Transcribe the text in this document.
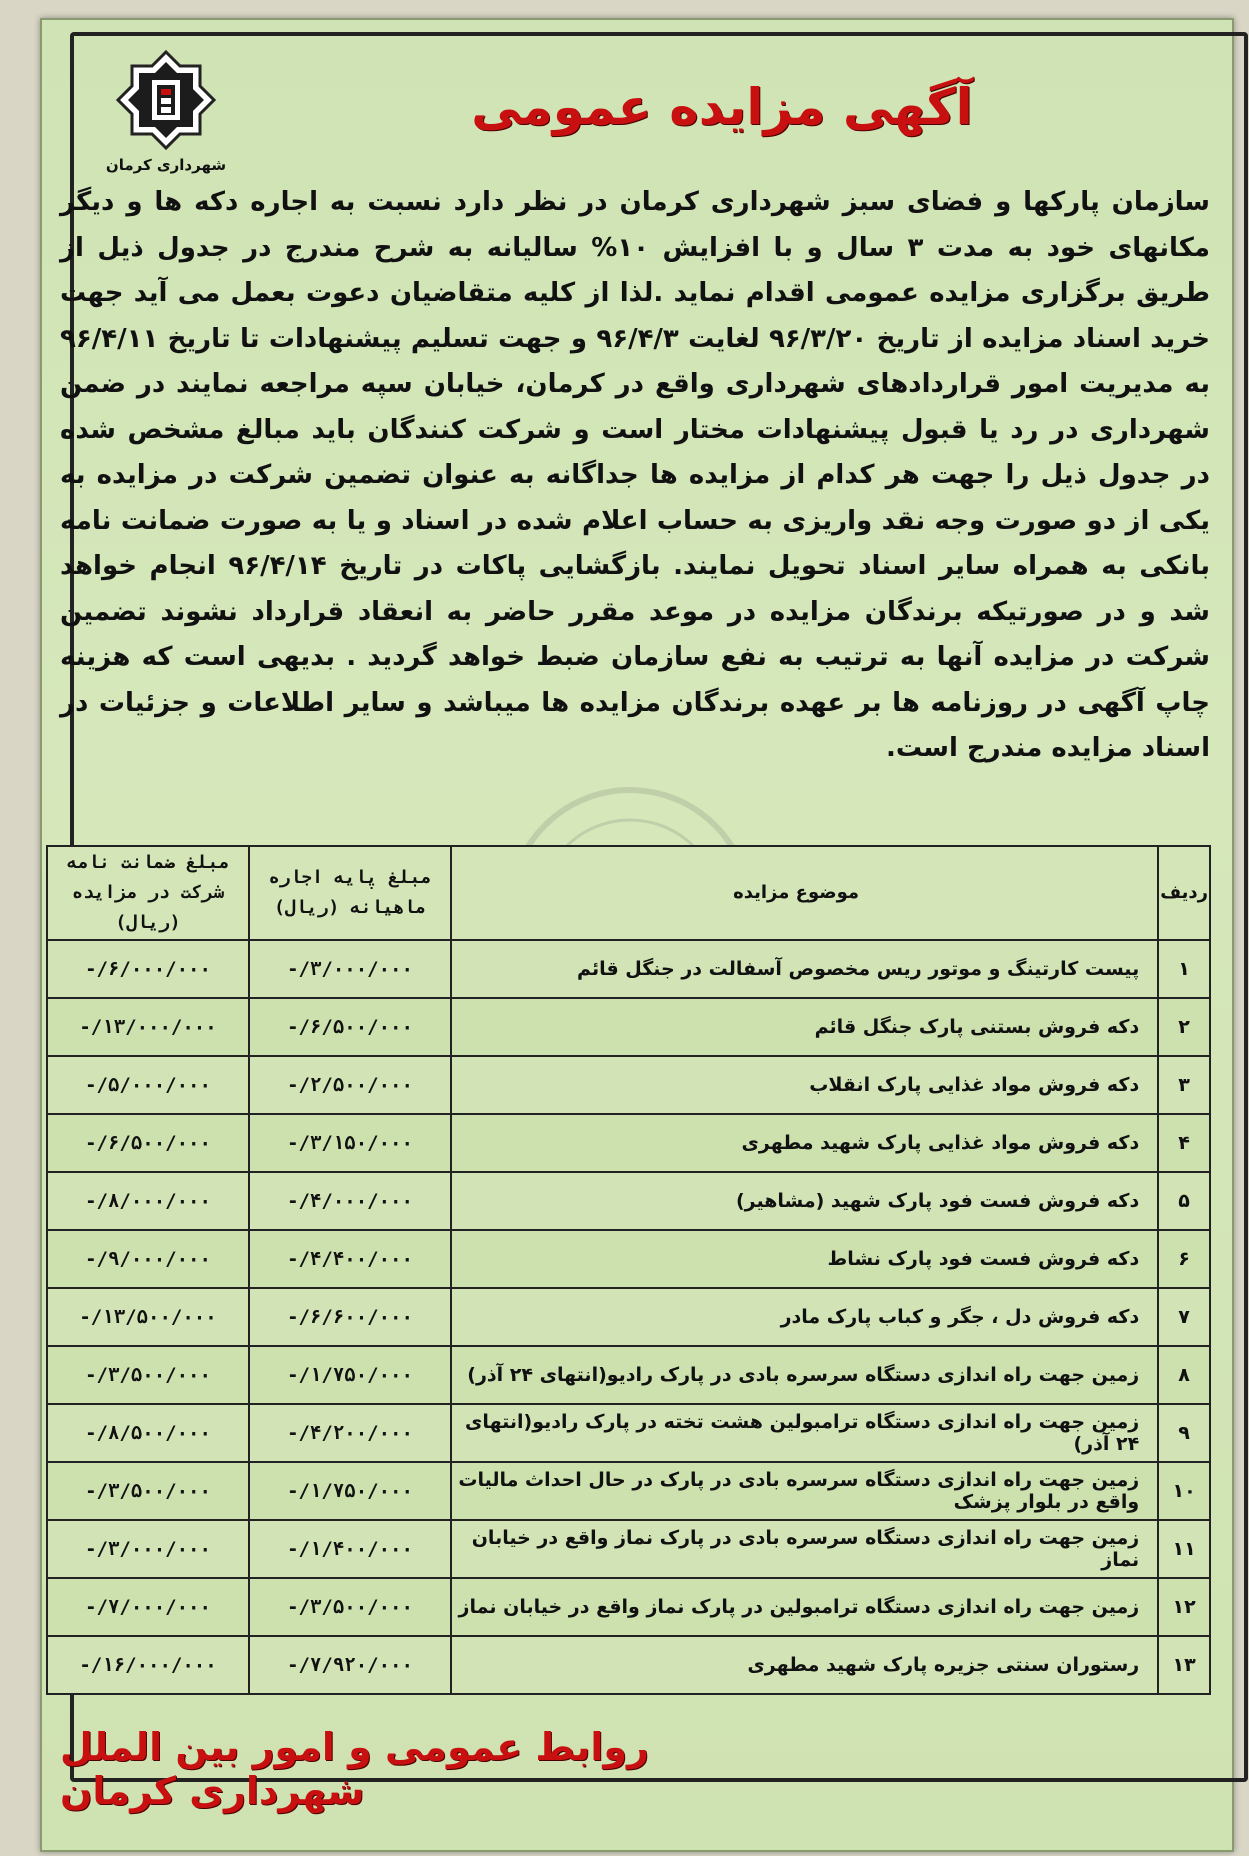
شهرداری کرمان
آگهی مزایده عمومی
سازمان پارکها و فضای سبز شهرداری کرمان در نظر دارد نسبت به اجاره دکه ها و دیگر مکانهای خود به مدت ۳ سال و با افزایش ۱۰% سالیانه به شرح مندرج در جدول ذیل از طریق برگزاری مزایده عمومی اقدام نماید .لذا از کلیه متقاضیان دعوت بعمل می آید جهت خرید اسناد مزایده از تاریخ ۹۶/۳/۲۰ لغایت ۹۶/۴/۳ و جهت تسلیم پیشنهادات تا تاریخ ۹۶/۴/۱۱ به مدیریت امور قراردادهای شهرداری واقع در کرمان، خیابان سپه مراجعه نمایند در ضمن شهرداری در رد یا قبول پیشنهادات مختار است و شرکت کنندگان باید مبالغ مشخص شده در جدول ذیل را جهت هر کدام از مزایده ها جداگانه به عنوان تضمین شرکت در مزایده به یکی از دو صورت وجه نقد واریزی به حساب اعلام شده در اسناد و یا به صورت ضمانت نامه بانکی به همراه سایر اسناد تحویل نمایند. بازگشایی پاکات در تاریخ ۹۶/۴/۱۴ انجام خواهد شد و در صورتیکه برندگان مزایده در موعد مقرر حاضر به انعقاد قرارداد نشوند تضمین شرکت در مزایده آنها به ترتیب به نفع سازمان ضبط خواهد گردید . بدیهی است که هزینه چاپ آگهی در روزنامه ها بر عهده برندگان مزایده ها میباشد و سایر اطلاعات و جزئیات در اسناد مزایده مندرج است.
ردیف	موضوع مزایده	مبلغ پایه اجاره ماهیانه (ریال)	مبلغ ضمانت نامه شرکت در مزایده (ریال)
۱	پیست کارتینگ و موتور ریس مخصوص آسفالت در جنگل قائم	۳/۰۰۰/۰۰۰/-	۶/۰۰۰/۰۰۰/-
۲	دکه فروش بستنی پارک جنگل قائم	۶/۵۰۰/۰۰۰/-	۱۳/۰۰۰/۰۰۰/-
۳	دکه فروش مواد غذایی پارک انقلاب	۲/۵۰۰/۰۰۰/-	۵/۰۰۰/۰۰۰/-
۴	دکه فروش مواد غذایی پارک شهید مطهری	۳/۱۵۰/۰۰۰/-	۶/۵۰۰/۰۰۰/-
۵	دکه فروش فست فود پارک شهید (مشاهیر)	۴/۰۰۰/۰۰۰/-	۸/۰۰۰/۰۰۰/-
۶	دکه فروش فست فود پارک نشاط	۴/۴۰۰/۰۰۰/-	۹/۰۰۰/۰۰۰/-
۷	دکه فروش دل ، جگر و کباب پارک مادر	۶/۶۰۰/۰۰۰/-	۱۳/۵۰۰/۰۰۰/-
۸	زمین جهت راه اندازی دستگاه سرسره بادی در پارک رادیو(انتهای ۲۴ آذر)	۱/۷۵۰/۰۰۰/-	۳/۵۰۰/۰۰۰/-
۹	زمین جهت راه اندازی دستگاه ترامبولین هشت تخته در پارک رادیو(انتهای ۲۴ آذر)	۴/۲۰۰/۰۰۰/-	۸/۵۰۰/۰۰۰/-
۱۰	زمین جهت راه اندازی دستگاه سرسره بادی در پارک در حال احداث مالیات واقع در بلوار پزشک	۱/۷۵۰/۰۰۰/-	۳/۵۰۰/۰۰۰/-
۱۱	زمین جهت راه اندازی دستگاه سرسره بادی در پارک نماز واقع در خیابان نماز	۱/۴۰۰/۰۰۰/-	۳/۰۰۰/۰۰۰/-
۱۲	زمین جهت راه اندازی دستگاه ترامبولین در پارک نماز واقع در خیابان نماز	۳/۵۰۰/۰۰۰/-	۷/۰۰۰/۰۰۰/-
۱۳	رستوران سنتی جزیره پارک شهید مطهری	۷/۹۲۰/۰۰۰/-	۱۶/۰۰۰/۰۰۰/-
روابط عمومی و امور بین الملل شهرداری کرمان
